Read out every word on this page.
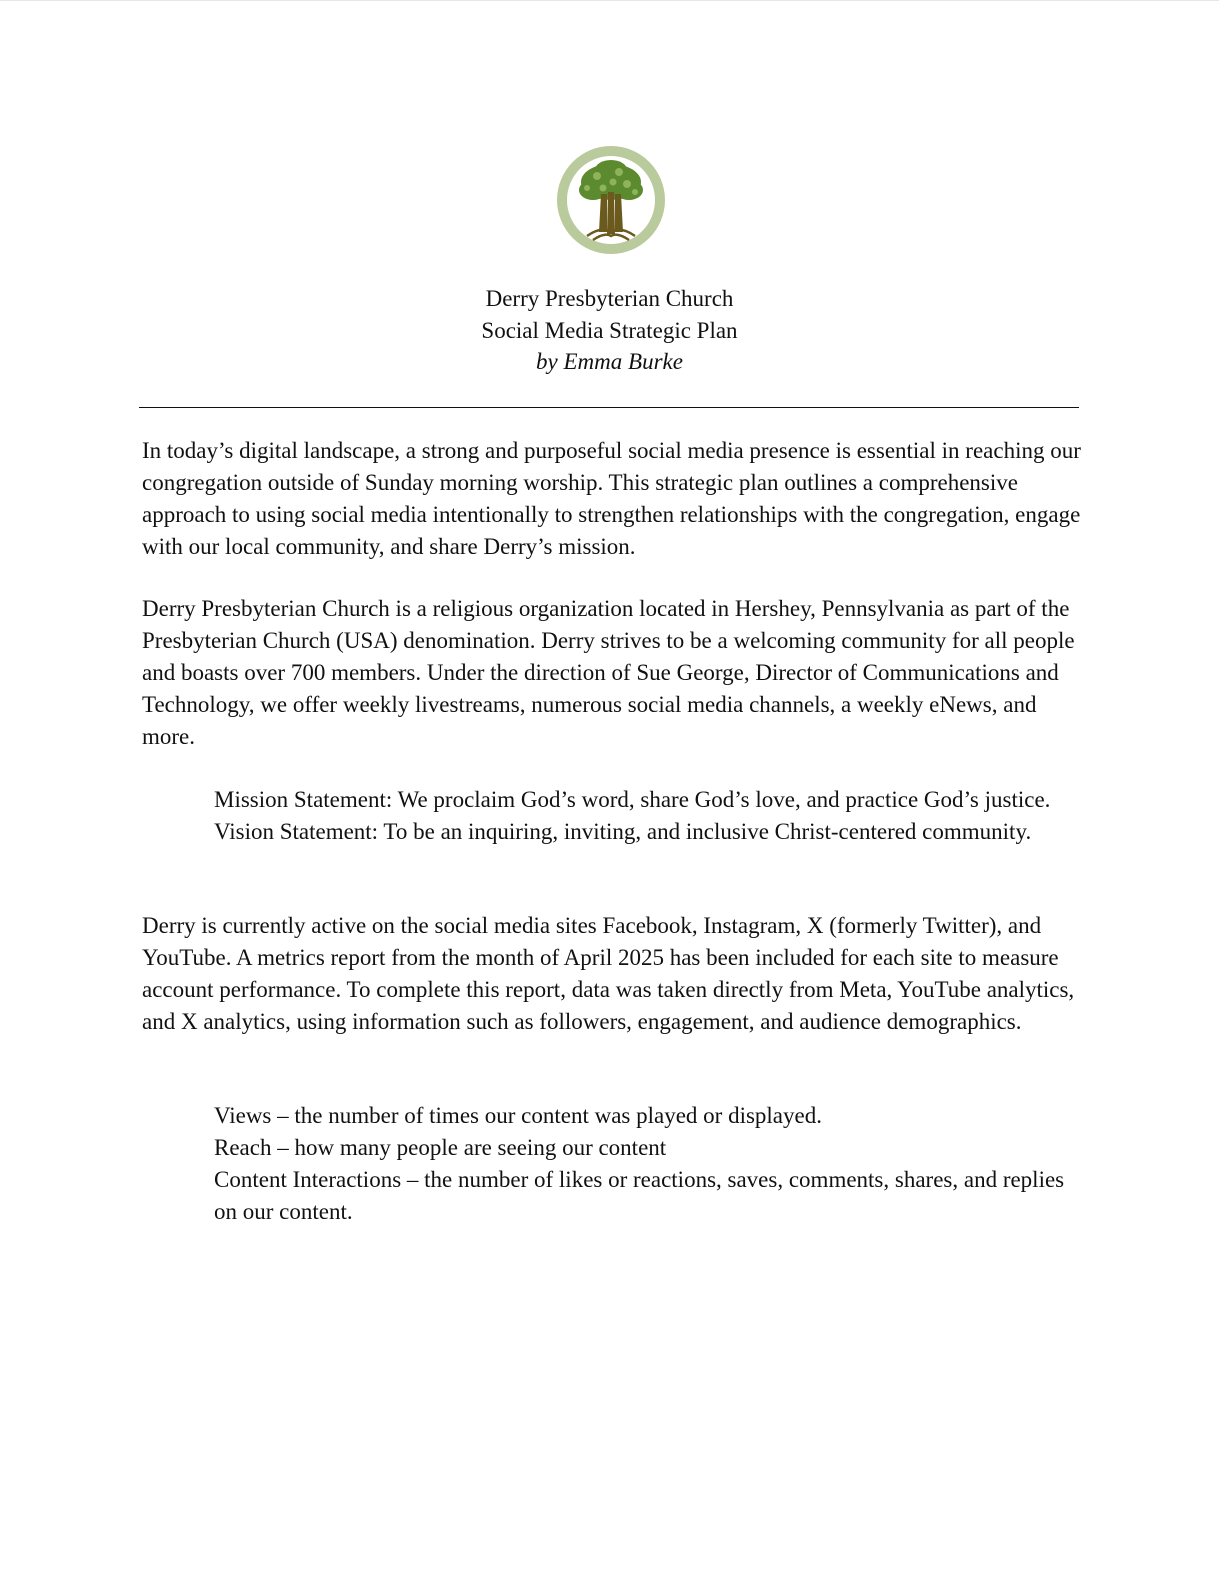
Derry Presbyterian Church
Social Media Strategic Plan
by Emma Burke

In today’s digital landscape, a strong and purposeful social media presence is essential in reaching our congregation outside of Sunday morning worship. This strategic plan outlines a comprehensive approach to using social media intentionally to strengthen relationships with the congregation, engage with our local community, and share Derry’s mission.

Derry Presbyterian Church is a religious organization located in Hershey, Pennsylvania as part of the Presbyterian Church (USA) denomination. Derry strives to be a welcoming community for all people and boasts over 700 members. Under the direction of Sue George, Director of Communications and Technology, we offer weekly livestreams, numerous social media channels, a weekly eNews, and more.

Mission Statement: We proclaim God’s word, share God’s love, and practice God’s justice.
Vision Statement: To be an inquiring, inviting, and inclusive Christ-centered community.

Derry is currently active on the social media sites Facebook, Instagram, X (formerly Twitter), and YouTube. A metrics report from the month of April 2025 has been included for each site to measure account performance. To complete this report, data was taken directly from Meta, YouTube analytics, and X analytics, using information such as followers, engagement, and audience demographics.

Views – the number of times our content was played or displayed.
Reach – how many people are seeing our content
Content Interactions – the number of likes or reactions, saves, comments, shares, and replies on our content.
